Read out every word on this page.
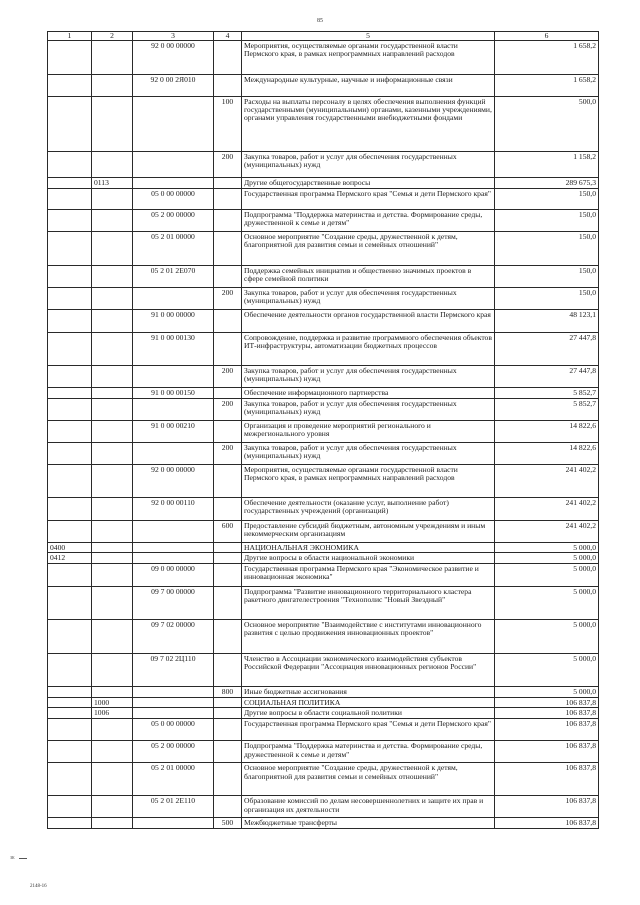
85
1	2	3	4	5	6
		92 0 00 00000		Мероприятия, осуществляемые органами государственной власти Пермского края, в рамках непрограммных направлений расходов	1 658,2
		92 0 00 2Я010		Международные культурные, научные и информационные связи	1 658,2
			100	Расходы на выплаты персоналу в целях обеспечения выполнения функций государственными (муниципальными) органами, казенными учреждениями, органами управления государственными внебюджетными фондами	500,0
			200	Закупка товаров, работ и услуг для обеспечения государственных (муниципальных) нужд	1 158,2
	0113			Другие общегосударственные вопросы	289 675,3
		05 0 00 00000		Государственная программа Пермского края "Семья и дети Пермского края"	150,0
		05 2 00 00000		Подпрограмма "Поддержка материнства и детства. Формирование среды, дружественной к семье и детям"	150,0
		05 2 01 00000		Основное мероприятие "Создание среды, дружественной к детям, благоприятной для развития семьи и семейных отношений"	150,0
		05 2 01 2Е070		Поддержка семейных инициатив и общественно значимых проектов в сфере семейной политики	150,0
			200	Закупка товаров, работ и услуг для обеспечения государственных (муниципальных) нужд	150,0
		91 0 00 00000		Обеспечение деятельности органов государственной власти Пермского края	48 123,1
		91 0 00 00130		Сопровождение, поддержка и развитие программного обеспечения объектов ИТ-инфраструктуры, автоматизации бюджетных процессов	27 447,8
			200	Закупка товаров, работ и услуг для обеспечения государственных (муниципальных) нужд	27 447,8
		91 0 00 00150		Обеспечение информационного партнерства	5 852,7
			200	Закупка товаров, работ и услуг для обеспечения государственных (муниципальных) нужд	5 852,7
		91 0 00 00210		Организация и проведение мероприятий регионального и межрегионального уровня	14 822,6
			200	Закупка товаров, работ и услуг для обеспечения государственных (муниципальных) нужд	14 822,6
		92 0 00 00000		Мероприятия, осуществляемые органами государственной власти Пермского края, в рамках непрограммных направлений расходов	241 402,2
		92 0 00 00110		Обеспечение деятельности (оказание услуг, выполнение работ) государственных учреждений (организаций)	241 402,2
			600	Предоставление субсидий бюджетным, автономным учреждениям и иным некоммерческим организациям	241 402,2
0400				НАЦИОНАЛЬНАЯ ЭКОНОМИКА	5 000,0
0412				Другие вопросы в области национальной экономики	5 000,0
		09 0 00 00000		Государственная программа Пермского края "Экономическое развитие и инновационная экономика"	5 000,0
		09 7 00 00000		Подпрограмма "Развитие инновационного территориального кластера ракетного двигателестроения "Технополис "Новый Звездный"	5 000,0
		09 7 02 00000		Основное мероприятие "Взаимодействие с институтами инновационного развития с целью продвижения инновационных проектов"	5 000,0
		09 7 02 2Ц110		Членство в Ассоциации экономического взаимодействия субъектов Российской Федерации "Ассоциация инновационных регионов России"	5 000,0
			800	Иные бюджетные ассигнования	5 000,0
	1000			СОЦИАЛЬНАЯ ПОЛИТИКА	106 837,8
	1006			Другие вопросы в области социальной политики	106 837,8
		05 0 00 00000		Государственная программа Пермского края "Семья и дети Пермского края"	106 837,8
		05 2 00 00000		Подпрограмма "Поддержка материнства и детства. Формирование среды, дружественной к семье и детям"	106 837,8
		05 2 01 00000		Основное мероприятие "Создание среды, дружественной к детям, благоприятной для развития семьи и семейных отношений"	106 837,8
		05 2 01 2Е110		Образование комиссий по делам несовершеннолетних и защите их прав и организация их деятельности	106 837,8
			500	Межбюджетные трансферты	106 837,8
ЗК
2148-16
